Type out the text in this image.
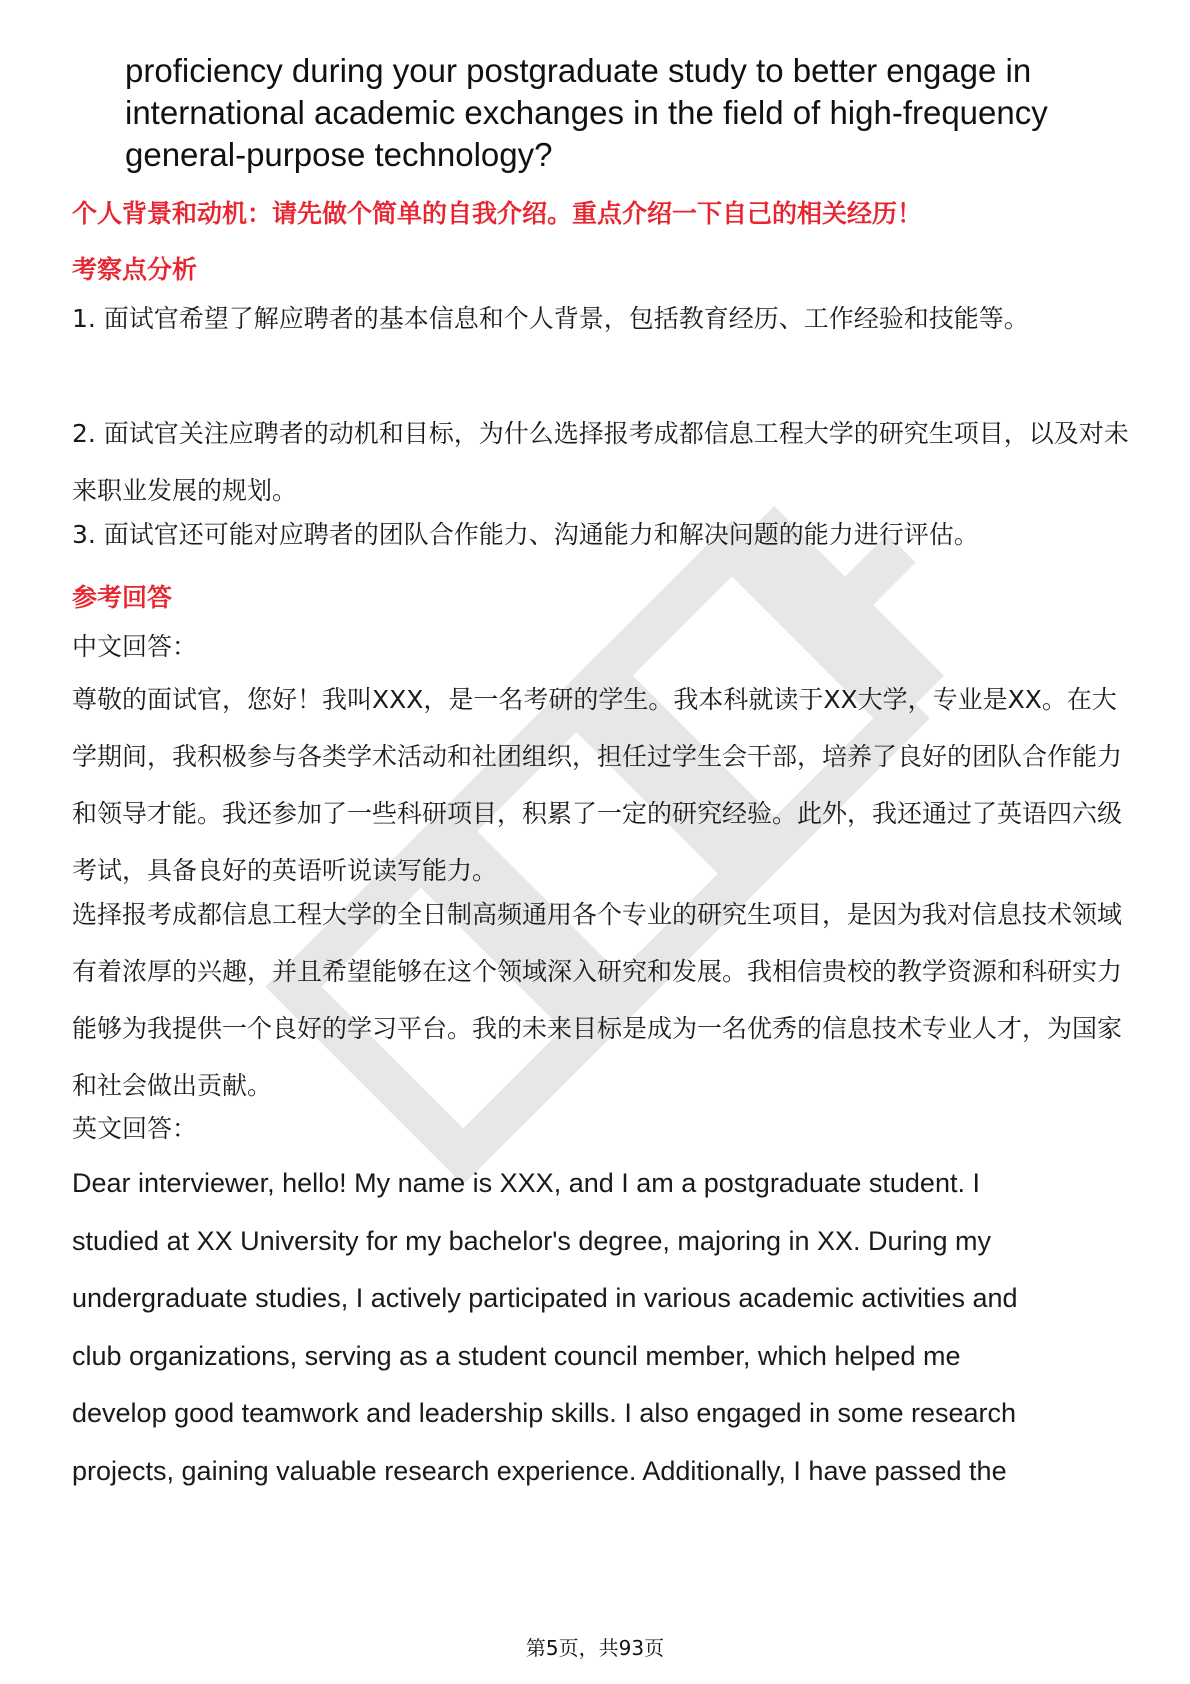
proficiency during your postgraduate study to better engage in

international academic exchanges in the field of high-frequency

general-purpose technology?

个人背景和动机：请先做个简单的自我介绍。重点介绍一下自己的相关经历！
考察点分析
1. 面试官希望了解应聘者的基本信息和个人背景，包括教育经历、工作经验和技能等。
2. 面试官关注应聘者的动机和目标，为什么选择报考成都信息工程大学的研究生项目，以及对未来职业发展的规划。
3. 面试官还可能对应聘者的团队合作能力、沟通能力和解决问题的能力进行评估。
参考回答
中文回答：
尊敬的面试官，您好！我叫XXX，是一名考研的学生。我本科就读于XX大学，专业是XX。在大学期间，我积极参与各类学术活动和社团组织，担任过学生会干部，培养了良好的团队合作能力和领导才能。我还参加了一些科研项目，积累了一定的研究经验。此外，我还通过了英语四六级考试，具备良好的英语听说读写能力。
选择报考成都信息工程大学的全日制高频通用各个专业的研究生项目，是因为我对信息技术领域有着浓厚的兴趣，并且希望能够在这个领域深入研究和发展。我相信贵校的教学资源和科研实力能够为我提供一个良好的学习平台。我的未来目标是成为一名优秀的信息技术专业人才，为国家和社会做出贡献。
英文回答：
Dear interviewer, hello! My name is XXX, and I am a postgraduate student. I
studied at XX University for my bachelor's degree, majoring in XX. During my
undergraduate studies, I actively participated in various academic activities and
club organizations, serving as a student council member, which helped me
develop good teamwork and leadership skills. I also engaged in some research
projects, gaining valuable research experience. Additionally, I have passed the
第5页，共93页
